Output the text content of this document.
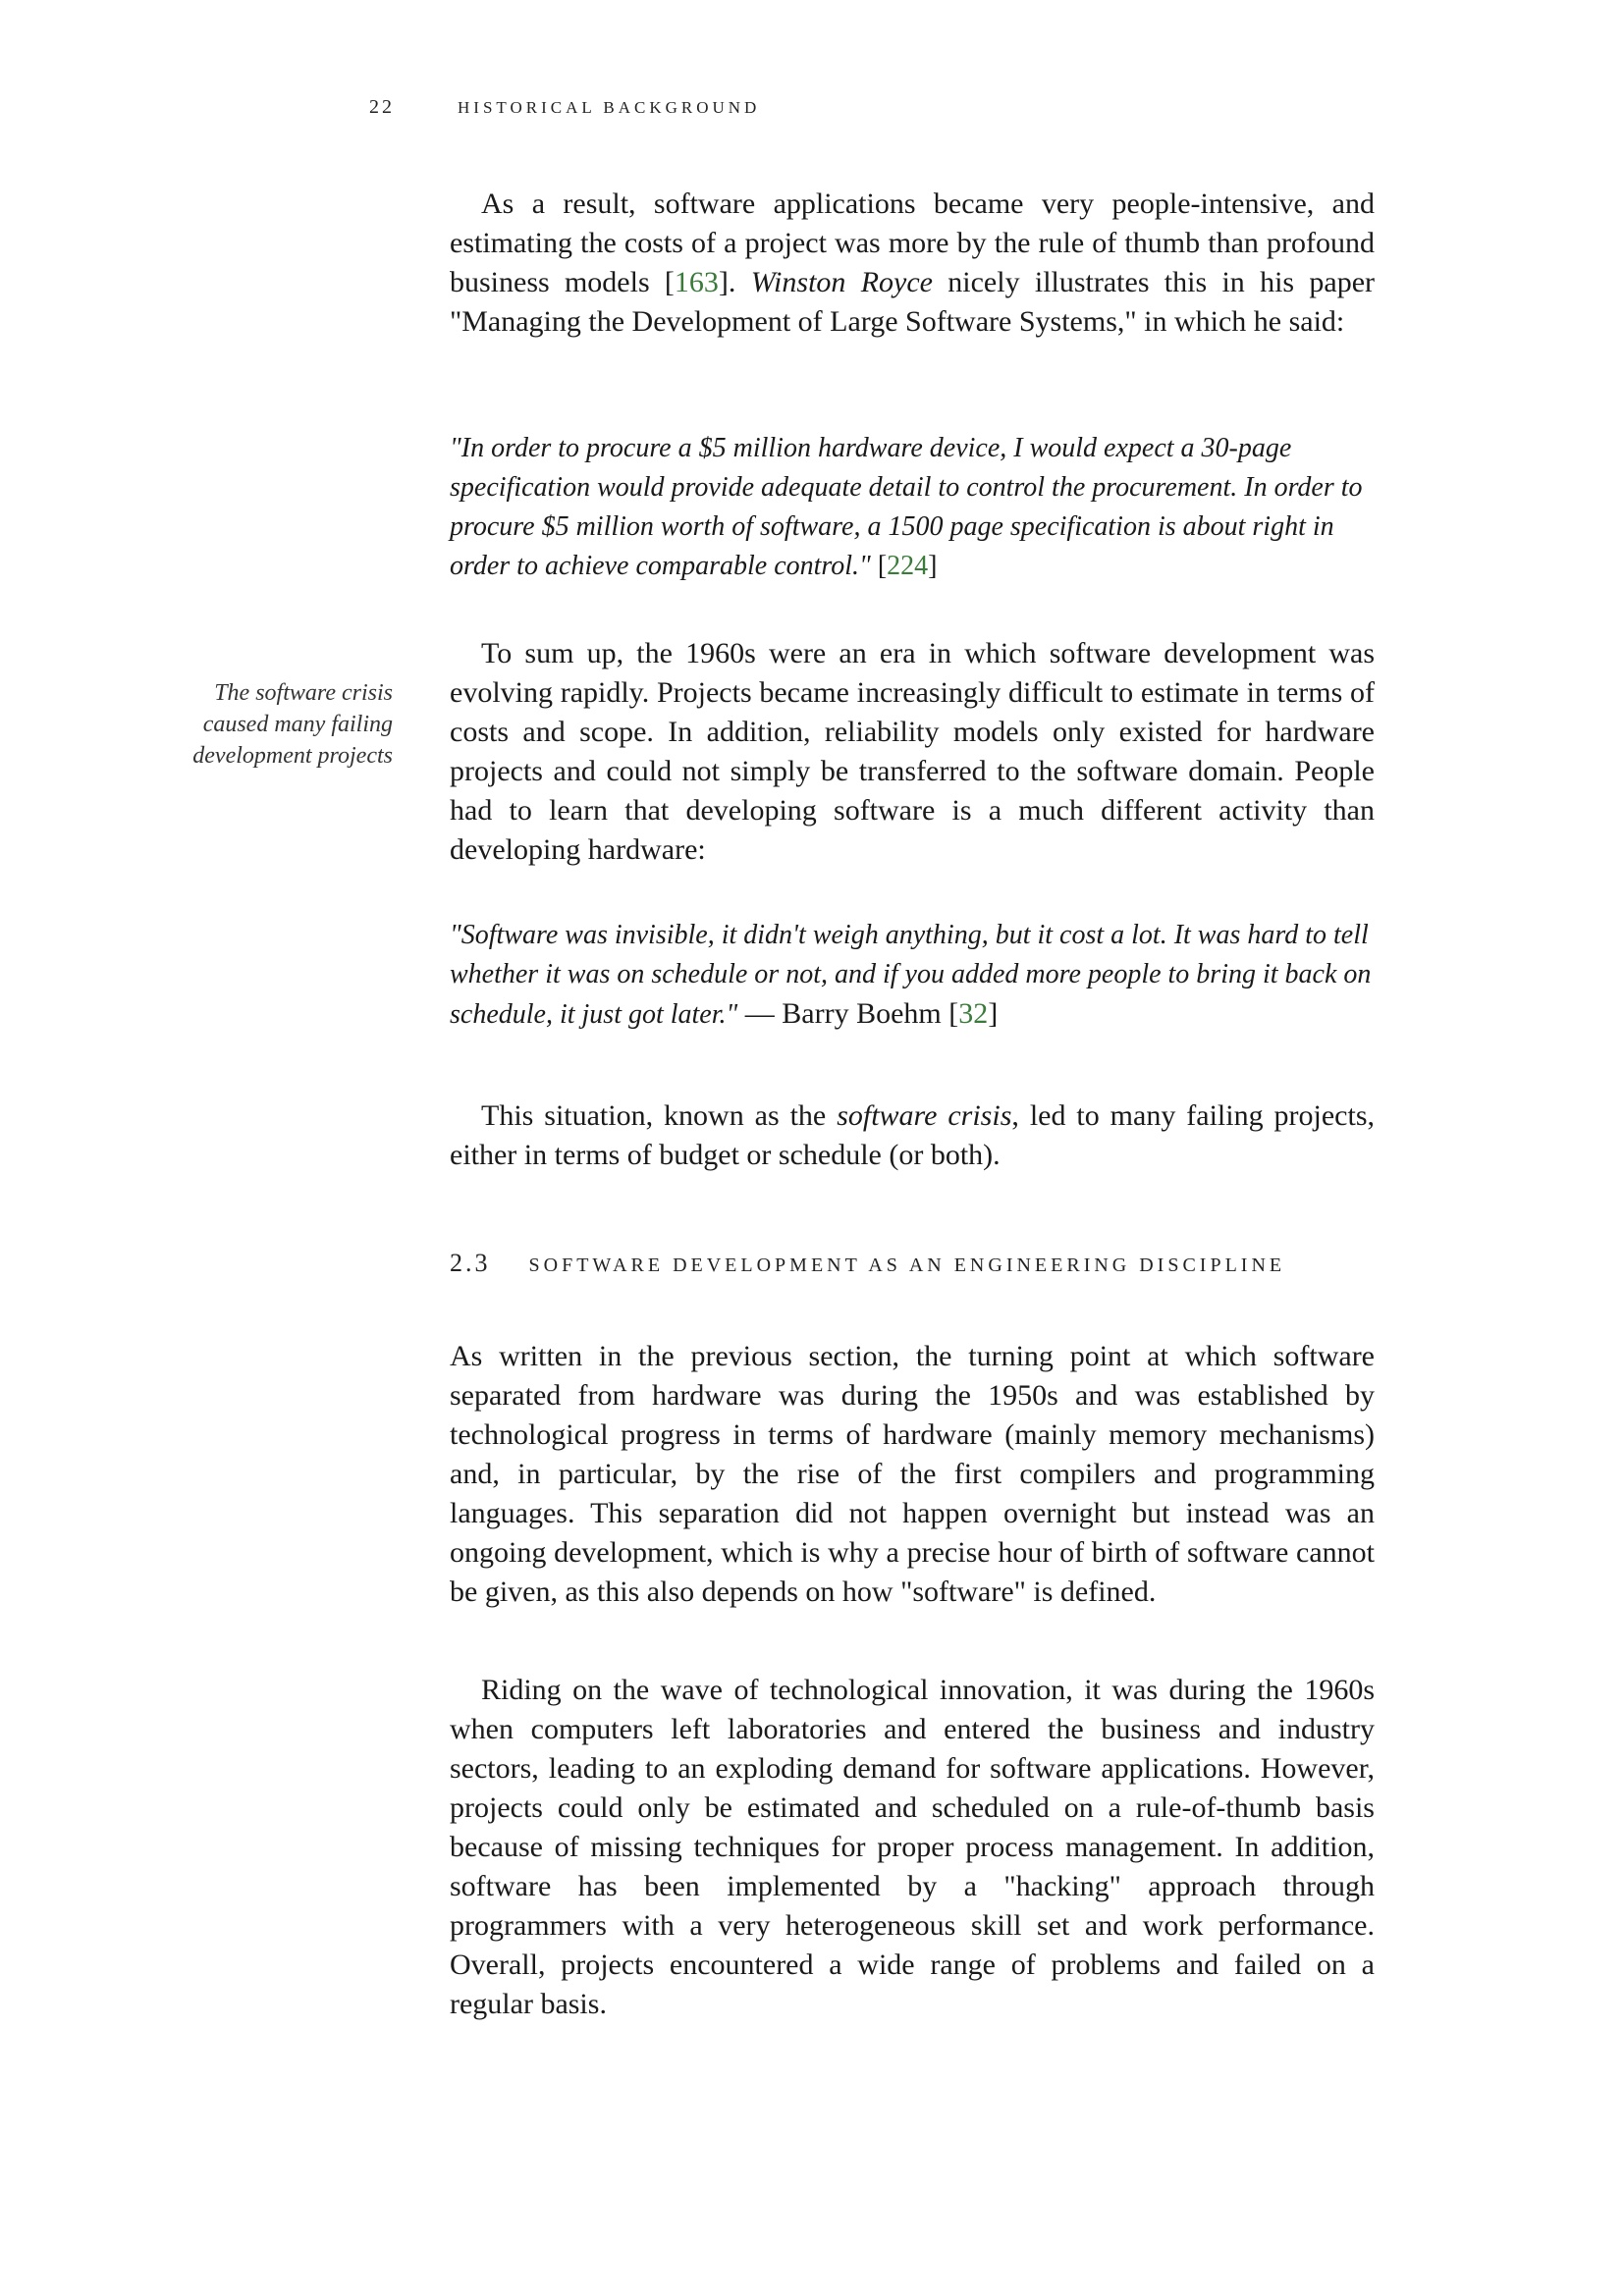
22	HISTORICAL BACKGROUND

As a result, software applications became very people-intensive, and estimating the costs of a project was more by the rule of thumb than profound business models [163]. Winston Royce nicely illustrates this in his paper "Managing the Development of Large Software Systems," in which he said:

"In order to procure a $5 million hardware device, I would expect a 30-page specification would provide adequate detail to control the procurement. In order to procure $5 million worth of software, a 1500 page specification is about right in order to achieve comparable control." [224]

The software crisis caused many failing development projects

To sum up, the 1960s were an era in which software development was evolving rapidly. Projects became increasingly difficult to estimate in terms of costs and scope. In addition, reliability models only existed for hardware projects and could not simply be transferred to the software domain. People had to learn that developing software is a much different activity than developing hardware:

"Software was invisible, it didn't weigh anything, but it cost a lot. It was hard to tell whether it was on schedule or not, and if you added more people to bring it back on schedule, it just got later." — Barry Boehm [32]

This situation, known as the software crisis, led to many failing projects, either in terms of budget or schedule (or both).

2.3 SOFTWARE DEVELOPMENT AS AN ENGINEERING DISCIPLINE

As written in the previous section, the turning point at which software separated from hardware was during the 1950s and was established by technological progress in terms of hardware (mainly memory mechanisms) and, in particular, by the rise of the first compilers and programming languages. This separation did not happen overnight but instead was an ongoing development, which is why a precise hour of birth of software cannot be given, as this also depends on how "software" is defined.

Riding on the wave of technological innovation, it was during the 1960s when computers left laboratories and entered the business and industry sectors, leading to an exploding demand for software applications. However, projects could only be estimated and scheduled on a rule-of-thumb basis because of missing techniques for proper process management. In addition, software has been implemented by a "hacking" approach through programmers with a very heterogeneous skill set and work performance. Overall, projects encountered a wide range of problems and failed on a regular basis.
